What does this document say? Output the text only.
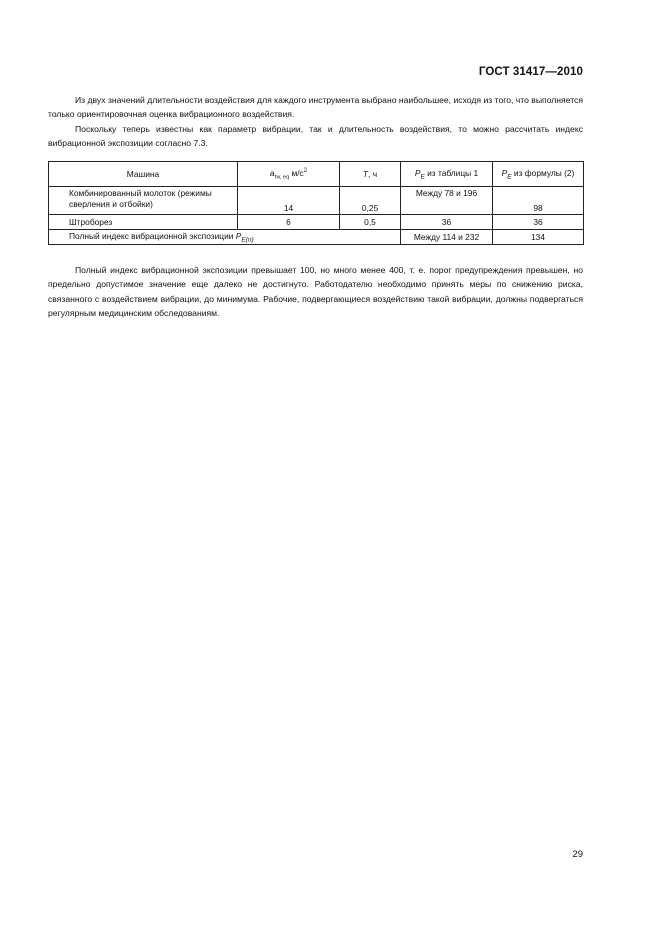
ГОСТ 31417—2010

Из двух значений длительности воздействия для каждого инструмента выбрано наибольшее, исходя из того, что выполняется только ориентировочная оценка вибрационного воздействия.

Поскольку теперь известны как параметр вибрации, так и длительность воздействия, то можно рассчитать индекс вибрационной экспозиции согласно 7.3.

Машина	$a_{hv, eq}$ $м/с^2$	T, ч	$P_E$ из таблицы 1	$P_E$ из формулы (2)
Комбинированный молоток (режимы сверления и отбойки)	14	0,25	Между 78 и 196	98
Штроборез	6	0,5	36	36
Полный индекс вибрационной экспозиции $P_{E(o)}$			Между 114 и 232	134

Полный индекс вибрационной экспозиции превышает 100, но много менее 400, т. е. порог предупреждения превышен, но предельно допустимое значение еще далеко не достигнуто. Работодателю необходимо принять меры по снижению риска, связанного с воздействием вибрации, до минимума. Рабочие, подвергающиеся воздействию такой вибрации, должны подвергаться регулярным медицинским обследованиям.

29
